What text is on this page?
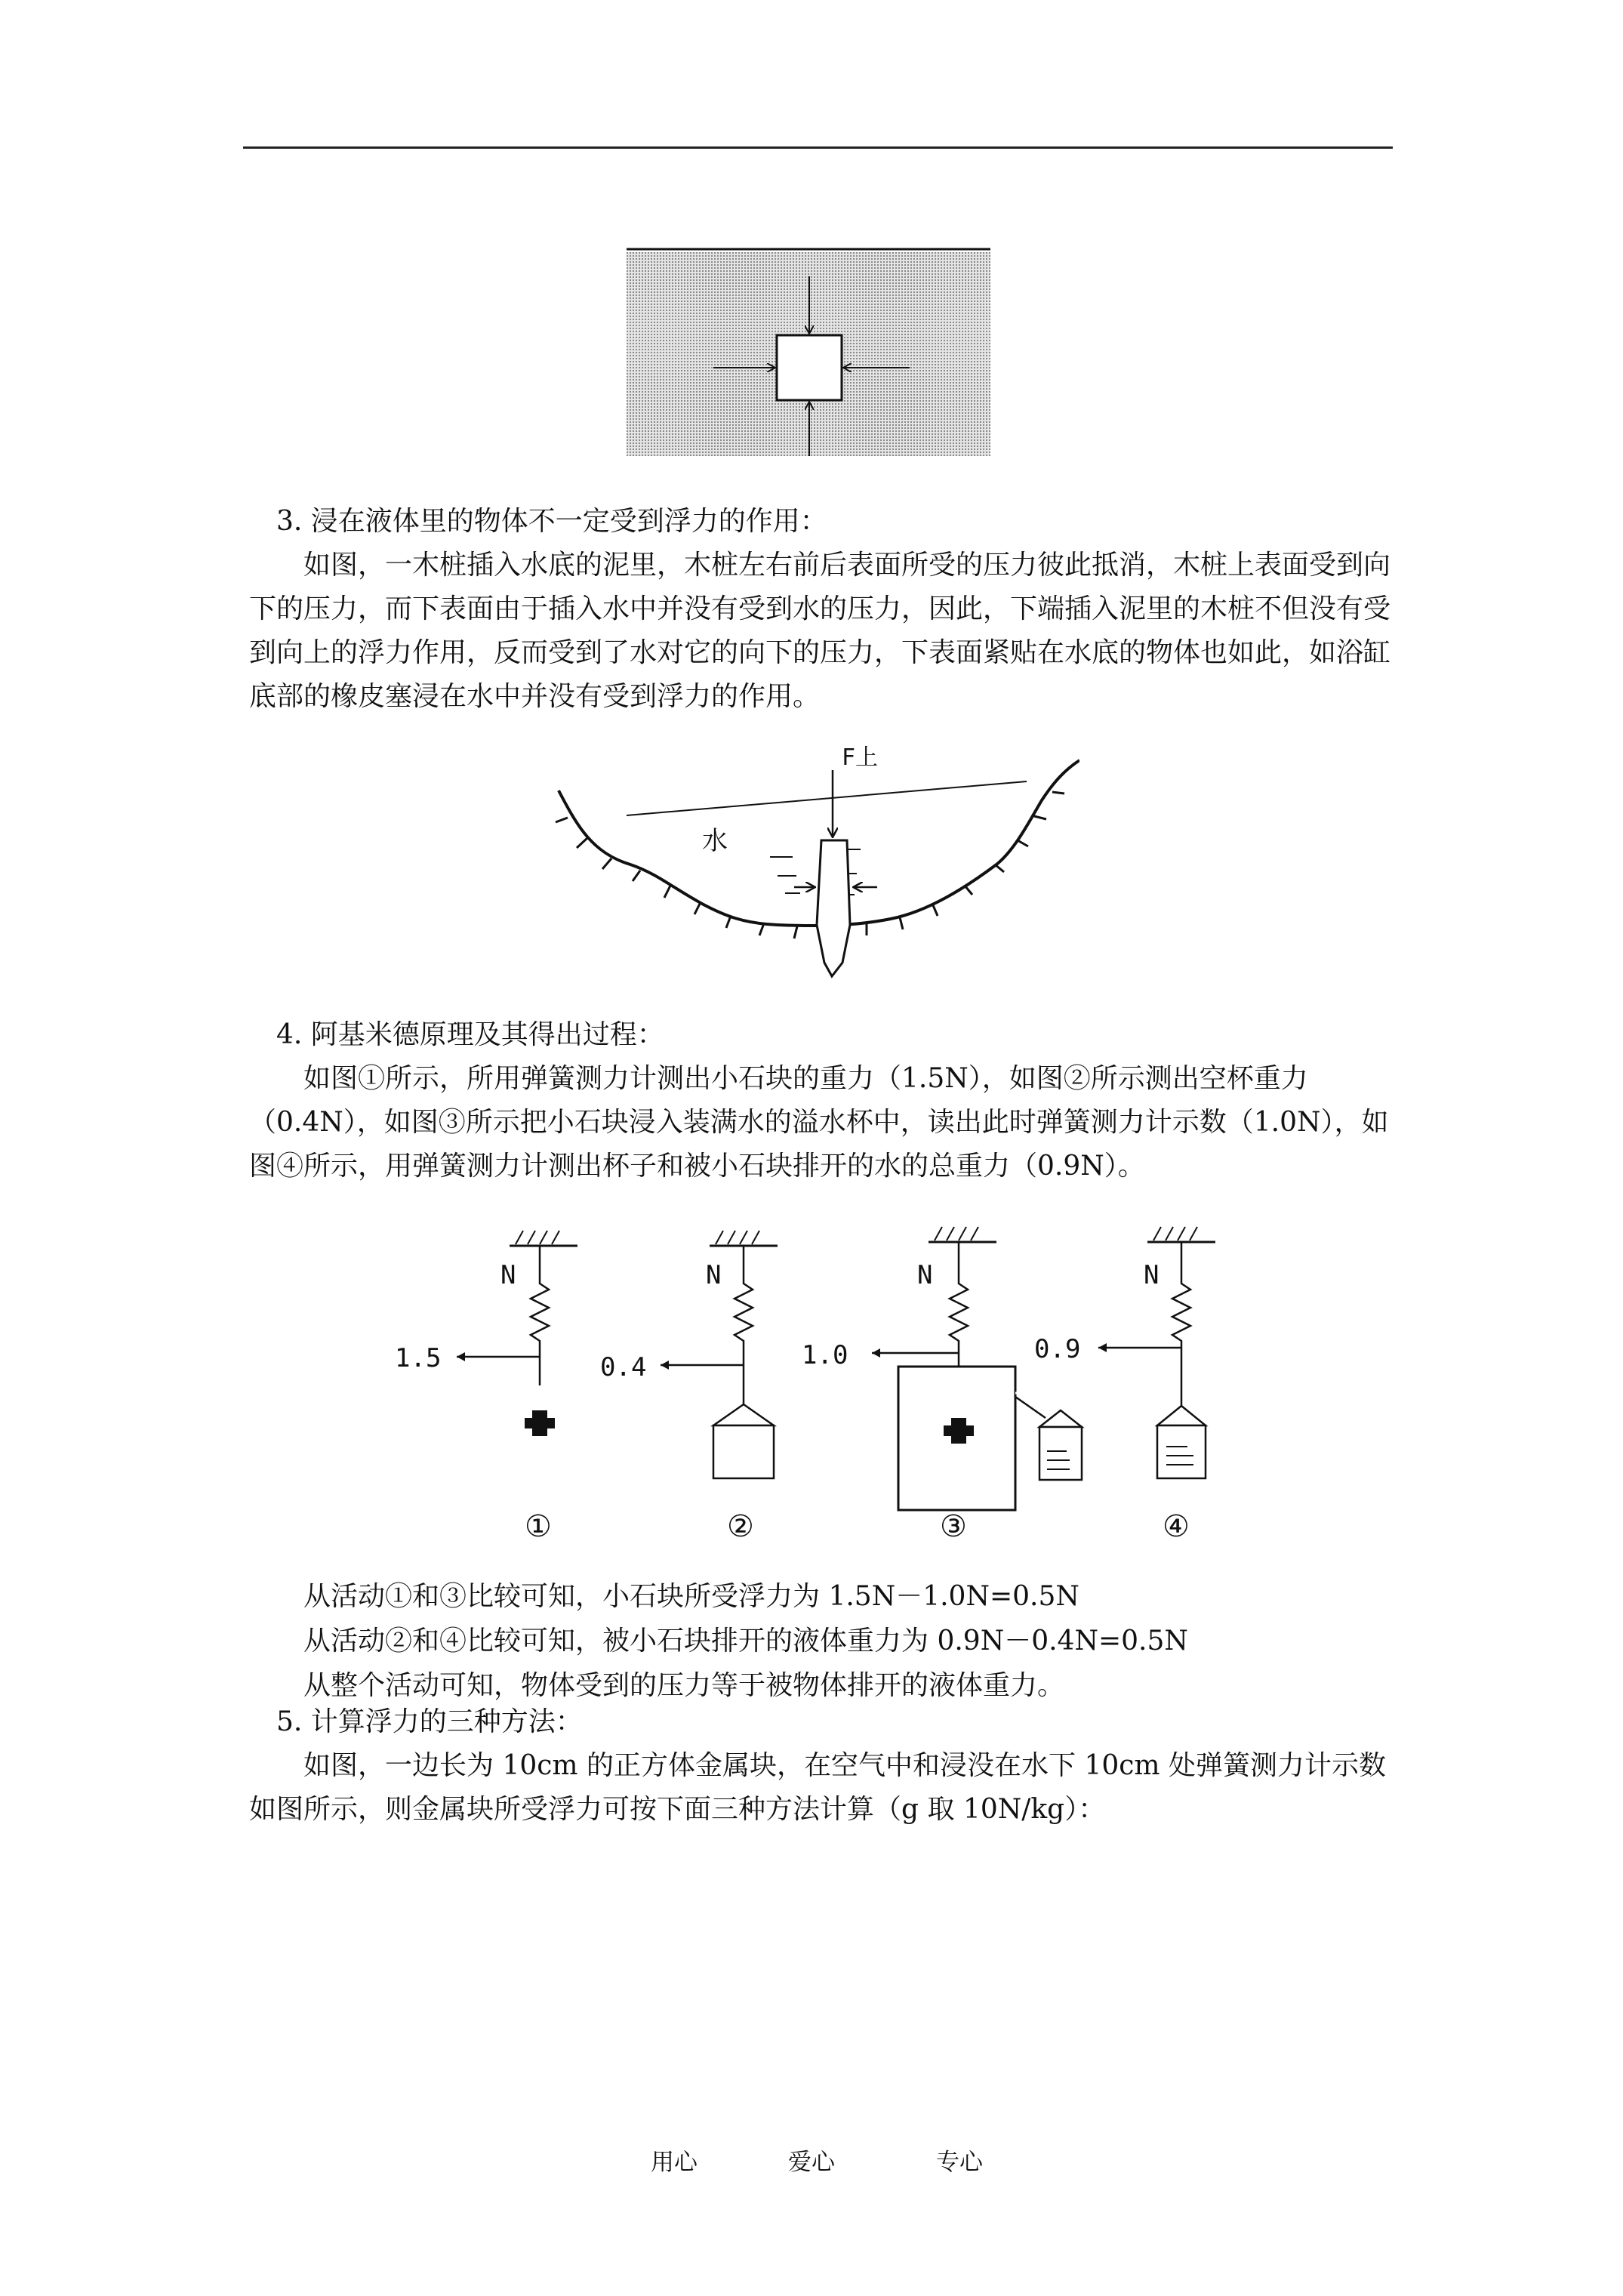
3. 浸在液体里的物体不一定受到浮力的作用：
如图，一木桩插入水底的泥里，木桩左右前后表面所受的压力彼此抵消，木桩上表面受到向下的压力，而下表面由于插入水中并没有受到水的压力，因此，下端插入泥里的木桩不但没有受到向上的浮力作用，反而受到了水对它的向下的压力，下表面紧贴在水底的物体也如此，如浴缸底部的橡皮塞浸在水中并没有受到浮力的作用。
F上
水
4. 阿基米德原理及其得出过程：
如图①所示，所用弹簧测力计测出小石块的重力（1.5N），如图②所示测出空杯重力（0.4N），如图③所示把小石块浸入装满水的溢水杯中，读出此时弹簧测力计示数（1.0N），如图④所示，用弹簧测力计测出杯子和被小石块排开的水的总重力（0.9N）。
N
1.5
①
N
0.4
②
N
1.0
③
N
0.9
④
从活动①和③比较可知，小石块所受浮力为 1.5N－1.0N=0.5N
从活动②和④比较可知，被小石块排开的液体重力为 0.9N－0.4N=0.5N
从整个活动可知，物体受到的压力等于被物体排开的液体重力。
5. 计算浮力的三种方法：
如图，一边长为 10cm 的正方体金属块，在空气中和浸没在水下 10cm 处弹簧测力计示数如图所示，则金属块所受浮力可按下面三种方法计算（g 取 10N/kg）：
用心	爱心	专心
